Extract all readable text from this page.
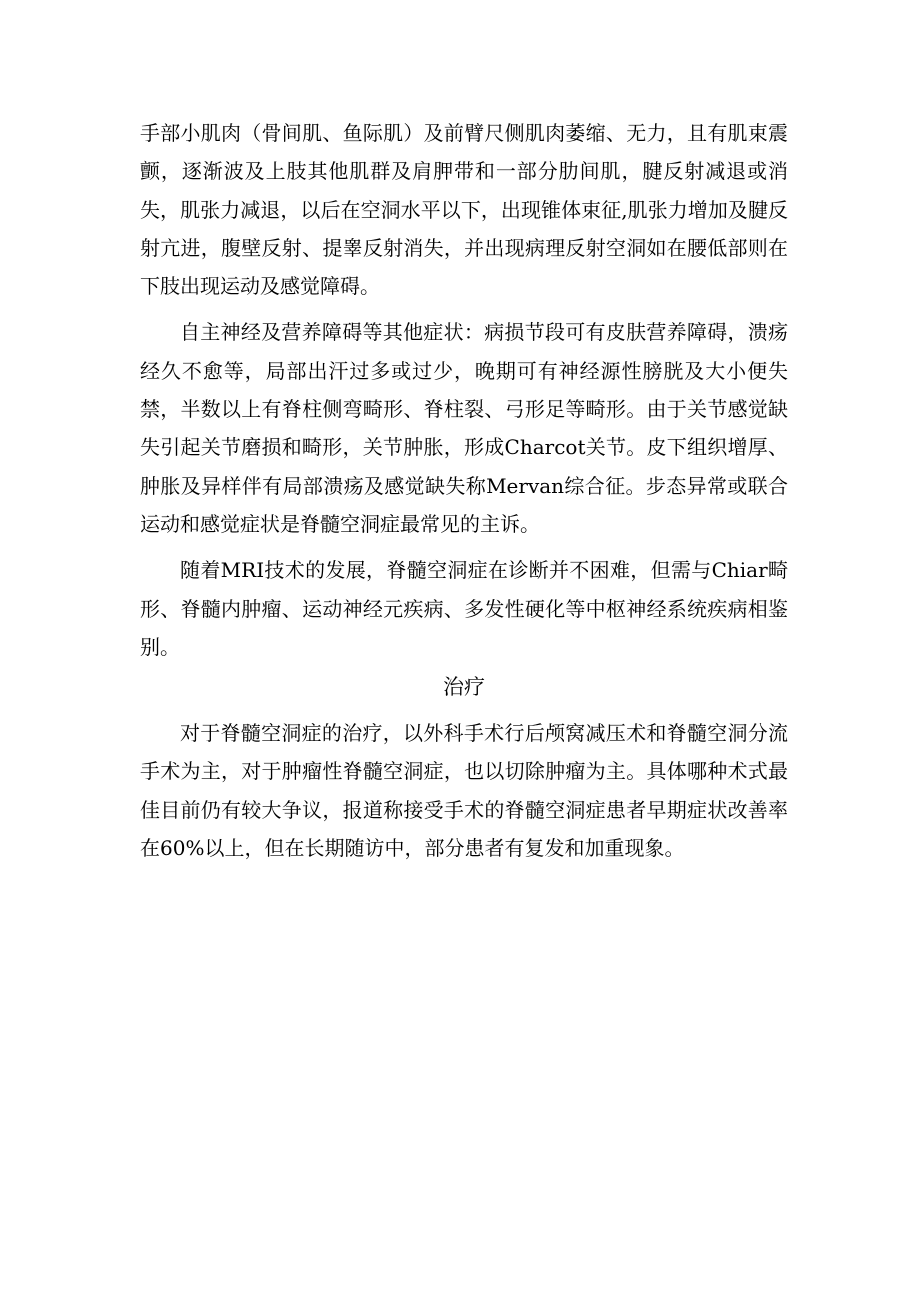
手部小肌肉（骨间肌、鱼际肌）及前臂尺侧肌肉萎缩、无力，且有肌束震颤，逐渐波及上肢其他肌群及肩胛带和一部分肋间肌，腱反射减退或消失，肌张力减退，以后在空洞水平以下，出现锥体束征,肌张力增加及腱反射亢进，腹壁反射、提睾反射消失，并出现病理反射空洞如在腰低部则在下肢出现运动及感觉障碍。

自主神经及营养障碍等其他症状：病损节段可有皮肤营养障碍，溃疡经久不愈等，局部出汗过多或过少，晚期可有神经源性膀胱及大小便失禁，半数以上有脊柱侧弯畸形、脊柱裂、弓形足等畸形。由于关节感觉缺失引起关节磨损和畸形，关节肿胀，形成Charcot关节。皮下组织增厚、肿胀及异样伴有局部溃疡及感觉缺失称Mervan综合征。步态异常或联合运动和感觉症状是脊髓空洞症最常见的主诉。

随着MRI技术的发展，脊髓空洞症在诊断并不困难，但需与Chiar畸形、脊髓内肿瘤、运动神经元疾病、多发性硬化等中枢神经系统疾病相鉴别。

治疗

对于脊髓空洞症的治疗，以外科手术行后颅窝减压术和脊髓空洞分流手术为主，对于肿瘤性脊髓空洞症，也以切除肿瘤为主。具体哪种术式最佳目前仍有较大争议，报道称接受手术的脊髓空洞症患者早期症状改善率在60%以上，但在长期随访中，部分患者有复发和加重现象。
